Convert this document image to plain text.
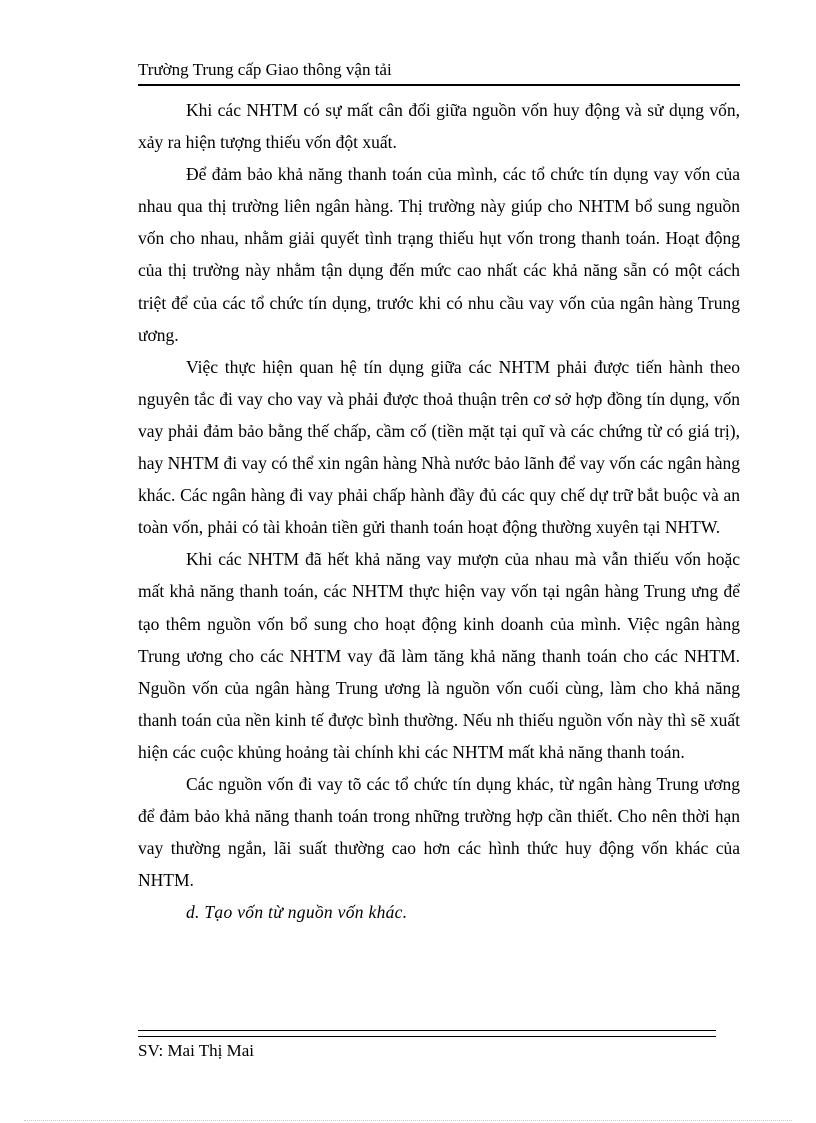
Trường Trung cấp Giao thông vận tải

Khi các NHTM có sự mất cân đối giữa nguồn vốn huy động và sử dụng vốn, xảy ra hiện tượng thiếu vốn đột xuất.

Để đảm bảo khả năng thanh toán của mình, các tổ chức tín dụng vay vốn của nhau qua thị trường liên ngân hàng. Thị trường này giúp cho NHTM bổ sung nguồn vốn cho nhau, nhằm giải quyết tình trạng thiếu hụt vốn trong thanh toán. Hoạt động của thị trường này nhằm tận dụng đến mức cao nhất các khả năng sẵn có một cách triệt để của các tổ chức tín dụng, trước khi có nhu cầu vay vốn của ngân hàng Trung ương.

Việc thực hiện quan hệ tín dụng giữa các NHTM phải được tiến hành theo nguyên tắc đi vay cho vay và phải được thoả thuận trên cơ sở hợp đồng tín dụng, vốn vay phải đảm bảo bằng thế chấp, cầm cố (tiền mặt tại quĩ và các chứng từ có giá trị), hay NHTM đi vay có thể xin ngân hàng Nhà nước bảo lãnh để vay vốn các ngân hàng khác. Các ngân hàng đi vay phải chấp hành đầy đủ các quy chế dự trữ bắt buộc và an toàn vốn, phải có tài khoản tiền gửi thanh toán hoạt động thường xuyên tại NHTW.

Khi các NHTM đã hết khả năng vay mượn của nhau mà vẫn thiếu vốn hoặc mất khả năng thanh toán, các NHTM thực hiện vay vốn tại ngân hàng Trung ưng để tạo thêm nguồn vốn bổ sung cho hoạt động kinh doanh của mình. Việc ngân hàng Trung ương cho các NHTM vay đã làm tăng khả năng thanh toán cho các NHTM. Nguồn vốn của ngân hàng Trung ương là nguồn vốn cuối cùng, làm cho khả năng thanh toán của nền kinh tế được bình thường. Nếu nh thiếu nguồn vốn này thì sẽ xuất hiện các cuộc khủng hoảng tài chính khi các NHTM mất khả năng thanh toán.

Các nguồn vốn đi vay tõ các tổ chức tín dụng khác, từ ngân hàng Trung ương để đảm bảo khả năng thanh toán trong những trường hợp cần thiết. Cho nên thời hạn vay thường ngắn, lãi suất thường cao hơn các hình thức huy động vốn khác của NHTM.

d. Tạo vốn từ nguồn vốn khác.

SV: Mai Thị Mai
